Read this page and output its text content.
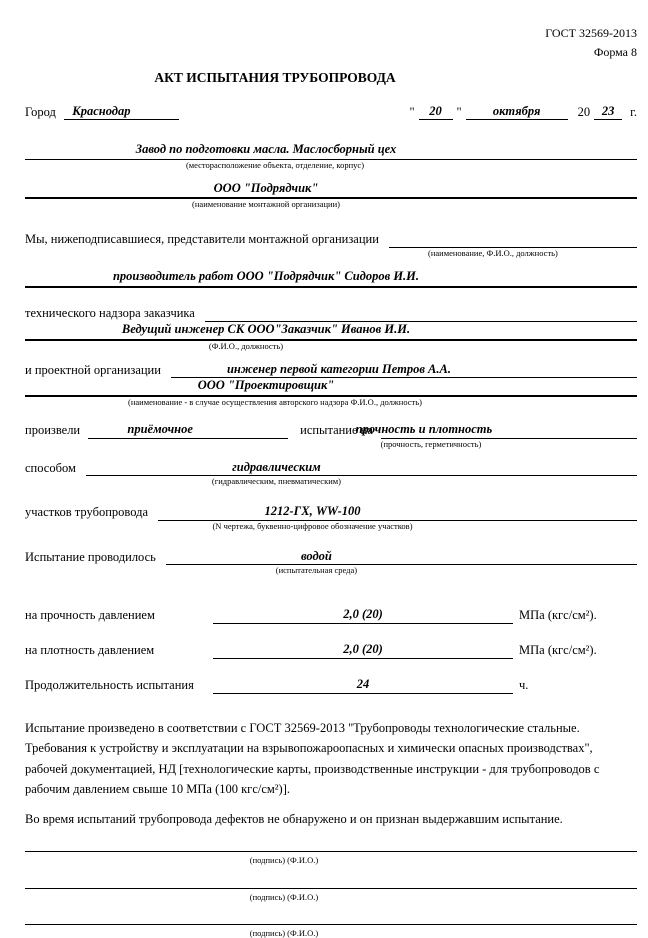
ГОСТ 32569-2013
Форма 8
АКТ ИСПЫТАНИЯ ТРУБОПРОВОДА
Город Краснодар	" 20 "	октября	20 23 г.
Завод по подготовки масла. Маслосборный цех
(месторасположение объекта, отделение, корпус)
ООО "Подрядчик"
(наименование монтажной организации)
Мы, нижеподписавшиеся, представители монтажной организации
(наименование, Ф.И.О., должность)
производитель работ ООО "Подрядчик" Сидоров И.И.
технического надзора заказчика
Ведущий инженер СК ООО"Заказчик" Иванов И.И.
(Ф.И.О., должность)
и проектной организации	инженер первой категории Петров А.А.
ООО "Проектировщик"
(наименование - в случае осуществления авторского надзора Ф.И.О., должность)
произвели	приёмочное	испытание на
прочность и плотность
(прочность, герметичность)
способом	гидравлическим
(гидравлическим, пневматическим)
участков трубопровода	1212-ГХ, WW-100
(N чертежа, буквенно-цифровое обозначение участков)
Испытание проводилось	водой
(испытательная среда)
на прочность давлением	2,0 (20)	МПа (кгс/см²).
на плотность давлением	2,0 (20)	МПа (кгс/см²).
Продолжительность испытания	24	ч.
Испытание произведено в соответствии с ГОСТ 32569-2013 "Трубопроводы технологические стальные. Требования к устройству и эксплуатации на взрывопожароопасных и химически опасных производствах", рабочей документацией, НД [технологические карты, производственные инструкции - для трубопроводов с рабочим давлением свыше 10 МПа (100 кгс/см²)].
Во время испытаний трубопровода дефектов не обнаружено и он признан выдержавшим испытание.
(подпись) (Ф.И.О.)
(подпись) (Ф.И.О.)
(подпись) (Ф.И.О.)
